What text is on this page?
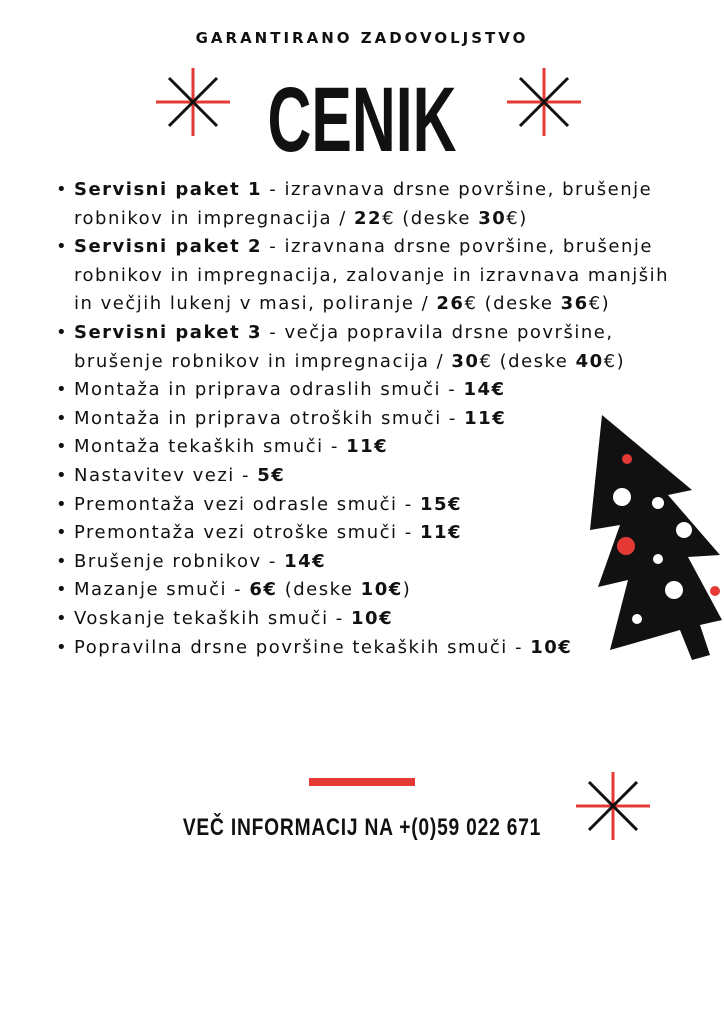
GARANTIRANO ZADOVOLJSTVO
CENIK
• Servisni paket 1 - izravnava drsne površine, brušenje robnikov in impregnacija / 22€ (deske 30€)
• Servisni paket 2 - izravnana drsne površine, brušenje robnikov in impregnacija, zalovanje in izravnava manjših in večjih lukenj v masi, poliranje / 26€ (deske 36€)
• Servisni paket 3 - večja popravila drsne površine, brušenje robnikov in impregnacija / 30€ (deske 40€)
• Montaža in priprava odraslih smuči - 14€
• Montaža in priprava otroških smuči - 11€
• Montaža tekaških smuči - 11€
• Nastavitev vezi - 5€
• Premontaža vezi odrasle smuči - 15€
• Premontaža vezi otroške smuči - 11€
• Brušenje robnikov - 14€
• Mazanje smuči - 6€ (deske 10€)
• Voskanje tekaških smuči - 10€
• Popravilna drsne površine tekaških smuči - 10€
VEČ INFORMACIJ NA +(0)59 022 671
